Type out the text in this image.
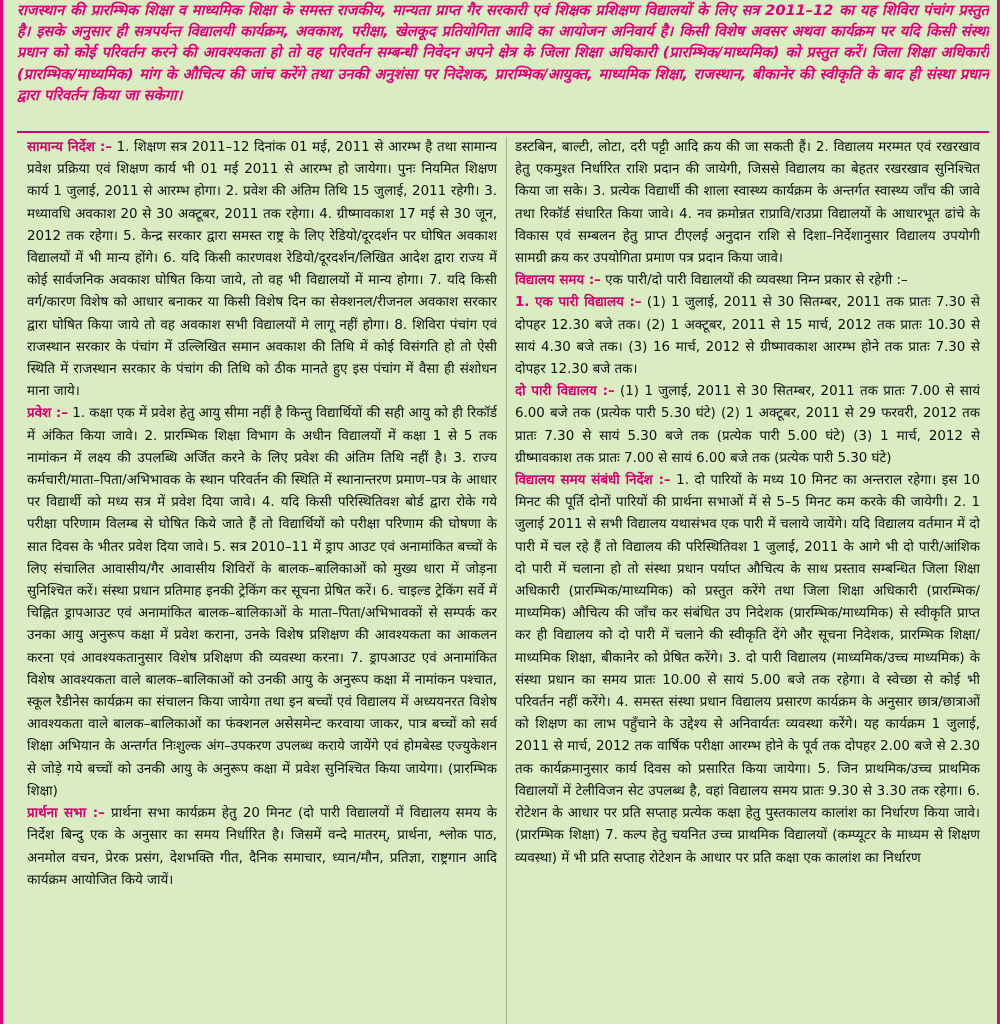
राजस्थान की प्रारम्भिक शिक्षा व माध्यमिक शिक्षा के समस्त राजकीय, मान्यता प्राप्त गैर सरकारी एवं शिक्षक प्रशिक्षण विद्यालयों के लिए सत्र 2011–12 का यह शिविरा पंचांग प्रस्तुत है। इसके अनुसार ही सत्रपर्यन्त विद्यालयी कार्यक्रम, अवकाश, परीक्षा, खेलकूद प्रतियोगिता आदि का आयोजन अनिवार्य है। किसी विशेष अवसर अथवा कार्यक्रम पर यदि किसी संस्था प्रधान को कोई परिवर्तन करने की आवश्यकता हो तो वह परिवर्तन सम्बन्धी निवेदन अपने क्षेत्र के जिला शिक्षा अधिकारी (प्रारम्भिक/माध्यमिक) को प्रस्तुत करें। जिला शिक्षा अधिकारी (प्रारम्भिक/माध्यमिक) मांग के औचित्य की जांच करेंगे तथा उनकी अनुशंसा पर निदेशक, प्रारम्भिक/आयुक्त, माध्यमिक शिक्षा, राजस्थान, बीकानेर की स्वीकृति के बाद ही संस्था प्रधान द्वारा परिवर्तन किया जा सकेगा।

सामान्य निर्देश :– 1. शिक्षण सत्र 2011–12 दिनांक 01 मई, 2011 से आरम्भ है तथा सामान्य प्रवेश प्रक्रिया एवं शिक्षण कार्य भी 01 मई 2011 से आरम्भ हो जायेगा। पुनः नियमित शिक्षण कार्य 1 जुलाई, 2011 से आरम्भ होगा। 2. प्रवेश की अंतिम तिथि 15 जुलाई, 2011 रहेगी। 3. मध्यावधि अवकाश 20 से 30 अक्टूबर, 2011 तक रहेगा। 4. ग्रीष्मावकाश 17 मई से 30 जून, 2012 तक रहेगा। 5. केन्द्र सरकार द्वारा समस्त राष्ट्र के लिए रेडियो/दूरदर्शन पर घोषित अवकाश विद्यालयों में भी मान्य होंगे। 6. यदि किसी कारणवश रेडियो/दूरदर्शन/लिखित आदेश द्वारा राज्य में कोई सार्वजनिक अवकाश घोषित किया जाये, तो वह भी विद्यालयों में मान्य होगा। 7. यदि किसी वर्ग/कारण विशेष को आधार बनाकर या किसी विशेष दिन का सेक्शनल/रीजनल अवकाश सरकार द्वारा घोषित किया जाये तो वह अवकाश सभी विद्यालयों मे लागू नहीं होगा। 8. शिविरा पंचांग एवं राजस्थान सरकार के पंचांग में उल्लिखित समान अवकाश की तिथि में कोई विसंगति हो तो ऐसी स्थिति में राजस्थान सरकार के पंचांग की तिथि को ठीक मानते हुए इस पंचांग में वैसा ही संशोधन माना जाये।

प्रवेश :– 1. कक्षा एक में प्रवेश हेतु आयु सीमा नहीं है किन्तु विद्यार्थियों की सही आयु को ही रिकॉर्ड में अंकित किया जावे। 2. प्रारम्भिक शिक्षा विभाग के अधीन विद्यालयों में कक्षा 1 से 5 तक नामांकन में लक्ष्य की उपलब्धि अर्जित करने के लिए प्रवेश की अंतिम तिथि नहीं है। 3. राज्य कर्मचारी/माता–पिता/अभिभावक के स्थान परिवर्तन की स्थिति में स्थानान्तरण प्रमाण–पत्र के आधार पर विद्यार्थी को मध्य सत्र में प्रवेश दिया जावे। 4. यदि किसी परिस्थितिवश बोर्ड द्वारा रोके गये परीक्षा परिणाम विलम्ब से घोषित किये जाते हैं तो विद्यार्थियों को परीक्षा परिणाम की घोषणा के सात दिवस के भीतर प्रवेश दिया जावे। 5. सत्र 2010–11 में ड्राप आउट एवं अनामांकित बच्चों के लिए संचालित आवासीय/गैर आवासीय शिविरों के बालक–बालिकाओं को मुख्य धारा में जोड़ना सुनिश्चित करें। संस्था प्रधान प्रतिमाह इनकी ट्रेकिंग कर सूचना प्रेषित करें। 6. चाइल्ड ट्रेकिंग सर्वे में चिह्नित ड्रापआउट एवं अनामांकित बालक–बालिकाओं के माता–पिता/अभिभावकों से सम्पर्क कर उनका आयु अनुरूप कक्षा में प्रवेश कराना, उनके विशेष प्रशिक्षण की आवश्यकता का आकलन करना एवं आवश्यकतानुसार विशेष प्रशिक्षण की व्यवस्था करना। 7. ड्रापआउट एवं अनामांकित विशेष आवश्यकता वाले बालक–बालिकाओं को उनकी आयु के अनुरूप कक्षा में नामांकन पश्चात, स्कूल रैडीनेस कार्यक्रम का संचालन किया जायेगा तथा इन बच्चों एवं विद्यालय में अध्ययनरत विशेष आवश्यकता वाले बालक–बालिकाओं का फंक्शनल असेसमेन्ट करवाया जाकर, पात्र बच्चों को सर्व शिक्षा अभियान के अन्तर्गत निःशुल्क अंग–उपकरण उपलब्ध कराये जायेंगे एवं होमबेस्ड एज्युकेशन से जोड़े गये बच्चों को उनकी आयु के अनुरूप कक्षा में प्रवेश सुनिश्चित किया जायेगा। (प्रारम्भिक शिक्षा)

प्रार्थना सभा :– प्रार्थना सभा कार्यक्रम हेतु 20 मिनट (दो पारी विद्यालयों में विद्यालय समय के निर्देश बिन्दु एक के अनुसार का समय निर्धारित है। जिसमें वन्दे मातरम्, प्रार्थना, श्लोक पाठ, अनमोल वचन, प्रेरक प्रसंग, देशभक्ति गीत, दैनिक समाचार, ध्यान/मौन, प्रतिज्ञा, राष्ट्रगान आदि कार्यक्रम आयोजित किये जायें।

डस्टबिन, बाल्टी, लोटा, दरी पट्टी आदि क्रय की जा सकती हैं। 2. विद्यालय मरम्मत एवं रखरखाव हेतु एकमुश्त निर्धारित राशि प्रदान की जायेगी, जिससे विद्यालय का बेहतर रखरखाव सुनिश्चित किया जा सके। 3. प्रत्येक विद्यार्थी की शाला स्वास्थ्य कार्यक्रम के अन्तर्गत स्वास्थ्य जाँच की जावे तथा रिकॉर्ड संधारित किया जावे। 4. नव क्रमोन्नत राप्रावि/राउप्रा विद्यालयों के आधारभूत ढांचे के विकास एवं सम्बलन हेतु प्राप्त टीएलई अनुदान राशि से दिशा–निर्देशानुसार विद्यालय उपयोगी सामग्री क्रय कर उपयोगिता प्रमाण पत्र प्रदान किया जावे।

विद्यालय समय :– एक पारी/दो पारी विद्यालयों की व्यवस्था निम्न प्रकार से रहेगी :–

1. एक पारी विद्यालय :– (1) 1 जुलाई, 2011 से 30 सितम्बर, 2011 तक प्रातः 7.30 से दोपहर 12.30 बजे तक। (2) 1 अक्टूबर, 2011 से 15 मार्च, 2012 तक प्रातः 10.30 से सायं 4.30 बजे तक। (3) 16 मार्च, 2012 से ग्रीष्मावकाश आरम्भ होने तक प्रातः 7.30 से दोपहर 12.30 बजे तक।

दो पारी विद्यालय :– (1) 1 जुलाई, 2011 से 30 सितम्बर, 2011 तक प्रातः 7.00 से सायं 6.00 बजे तक (प्रत्येक पारी 5.30 घंटे) (2) 1 अक्टूबर, 2011 से 29 फरवरी, 2012 तक प्रातः 7.30 से सायं 5.30 बजे तक (प्रत्येक पारी 5.00 घंटे) (3) 1 मार्च, 2012 से ग्रीष्मावकाश तक प्रातः 7.00 से सायं 6.00 बजे तक (प्रत्येक पारी 5.30 घंटे)

विद्यालय समय संबंधी निर्देश :– 1. दो पारियों के मध्य 10 मिनट का अन्तराल रहेगा। इस 10 मिनट की पूर्ति दोनों पारियों की प्रार्थना सभाओं में से 5–5 मिनट कम करके की जायेगी। 2. 1 जुलाई 2011 से सभी विद्यालय यथासंभव एक पारी में चलाये जायेंगे। यदि विद्यालय वर्तमान में दो पारी में चल रहे हैं तो विद्यालय की परिस्थितिवश 1 जुलाई, 2011 के आगे भी दो पारी/आंशिक दो पारी में चलाना हो तो संस्था प्रधान पर्याप्त औचित्य के साथ प्रस्ताव सम्बन्धित जिला शिक्षा अधिकारी (प्रारम्भिक/माध्यमिक) को प्रस्तुत करेंगे तथा जिला शिक्षा अधिकारी (प्रारम्भिक/माध्यमिक) औचित्य की जाँच कर संबंधित उप निदेशक (प्रारम्भिक/माध्यमिक) से स्वीकृति प्राप्त कर ही विद्यालय को दो पारी में चलाने की स्वीकृति देंगे और सूचना निदेशक, प्रारम्भिक शिक्षा/माध्यमिक शिक्षा, बीकानेर को प्रेषित करेंगे। 3. दो पारी विद्यालय (माध्यमिक/उच्च माध्यमिक) के संस्था प्रधान का समय प्रातः 10.00 से सायं 5.00 बजे तक रहेगा। वे स्वेच्छा से कोई भी परिवर्तन नहीं करेंगे। 4. समस्त संस्था प्रधान विद्यालय प्रसारण कार्यक्रम के अनुसार छात्र/छात्राओं को शिक्षण का लाभ पहुँचाने के उद्देश्य से अनिवार्यतः व्यवस्था करेंगे। यह कार्यक्रम 1 जुलाई, 2011 से मार्च, 2012 तक वार्षिक परीक्षा आरम्भ होने के पूर्व तक दोपहर 2.00 बजे से 2.30 तक कार्यक्रमानुसार कार्य दिवस को प्रसारित किया जायेगा। 5. जिन प्राथमिक/उच्च प्राथमिक विद्यालयों में टेलीविजन सेट उपलब्ध है, वहां विद्यालय समय प्रातः 9.30 से 3.30 तक रहेगा। 6. रोटेशन के आधार पर प्रति सप्ताह प्रत्येक कक्षा हेतु पुस्तकालय कालांश का निर्धारण किया जावे। (प्रारम्भिक शिक्षा) 7. कल्प हेतु चयनित उच्च प्राथमिक विद्यालयों (कम्प्यूटर के माध्यम से शिक्षण व्यवस्था) में भी प्रति सप्ताह रोटेशन के आधार पर प्रति कक्षा एक कालांश का निर्धारण
